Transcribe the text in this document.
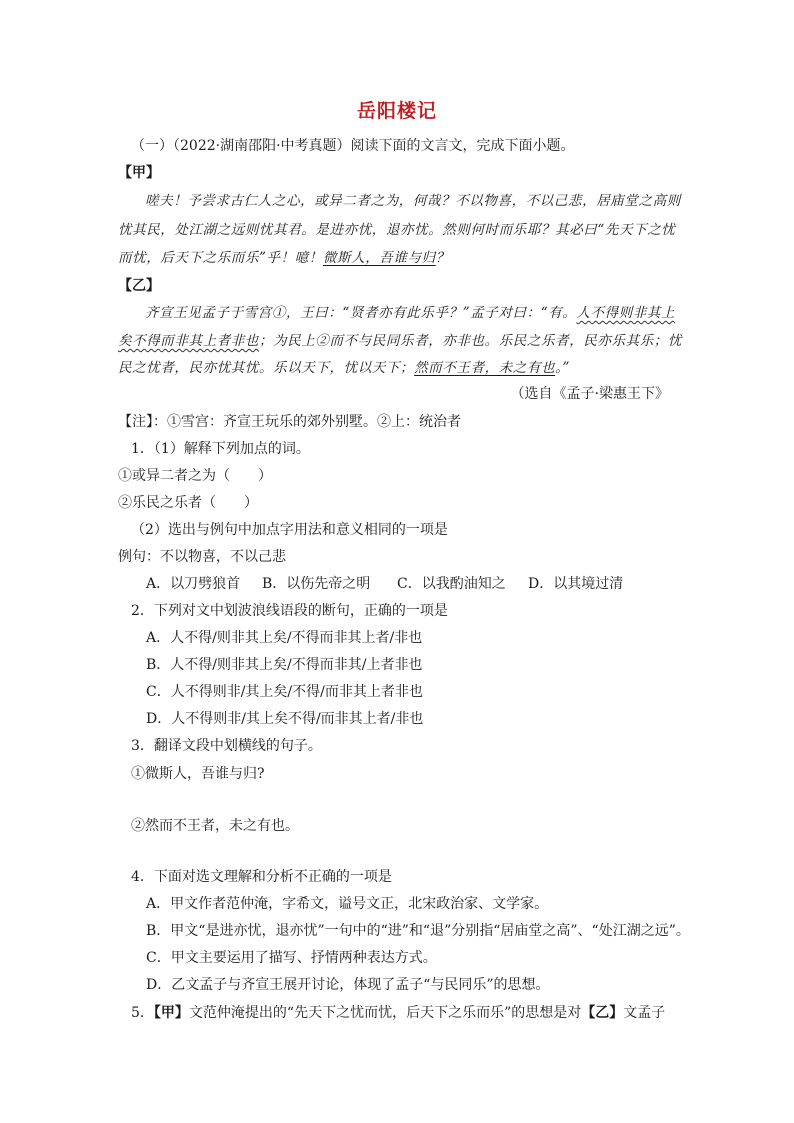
岳阳楼记
（一）（2022·湖南邵阳·中考真题）阅读下面的文言文，完成下面小题。
【甲】
嗟夫！予尝求古仁人之心，或异二者之为，何哉？不以物喜，不以己悲，居庙堂之高则
忧其民，处江湖之远则忧其君。是进亦忧，退亦忧。然则何时而乐耶？其必曰“先天下之忧
而忧，后天下之乐而乐”乎！噫！微斯人，吾谁与归？
【乙】
齐宣王见孟子于雪宫①，王曰：“贤者亦有此乐乎？”孟子对曰：“有。人不得则非其上
矣不得而非其上者非也；为民上②而不与民同乐者，亦非也。乐民之乐者，民亦乐其乐；忧
民之忧者，民亦忧其忧。乐以天下，忧以天下；然而不王者，未之有也。”
（选自《孟子·梁惠王下》
【注】：①雪宫：齐宣王玩乐的郊外别墅。②上：统治者
1．（1）解释下列加点的词。
①或异二者之为（　　）
②乐民之乐者（　　）
（2）选出与例句中加点字用法和意义相同的一项是
例句：不以物喜，不以己悲
A．以刀劈狼首 B．以伤先帝之明 C．以我酌油知之 D．以其境过清
2．下列对文中划波浪线语段的断句，正确的一项是
A．人不得/则非其上矣/不得而非其上者/非也
B．人不得/则非其上矣/不得而非其/上者非也
C．人不得则非/其上矣/不得/而非其上者非也
D．人不得则非/其上矣不得/而非其上者/非也
3．翻译文段中划横线的句子。
①微斯人，吾谁与归?
②然而不王者，未之有也。
4．下面对选文理解和分析不正确的一项是
A．甲文作者范仲淹，字希文，谥号文正，北宋政治家、文学家。
B．甲文“是进亦忧，退亦忧”一句中的“进”和“退”分别指“居庙堂之高”、“处江湖之远”。
C．甲文主要运用了描写、抒情两种表达方式。
D．乙文孟子与齐宣王展开讨论，体现了孟子“与民同乐”的思想。
5．【甲】文范仲淹提出的“先天下之忧而忧，后天下之乐而乐”的思想是对【乙】文孟子
